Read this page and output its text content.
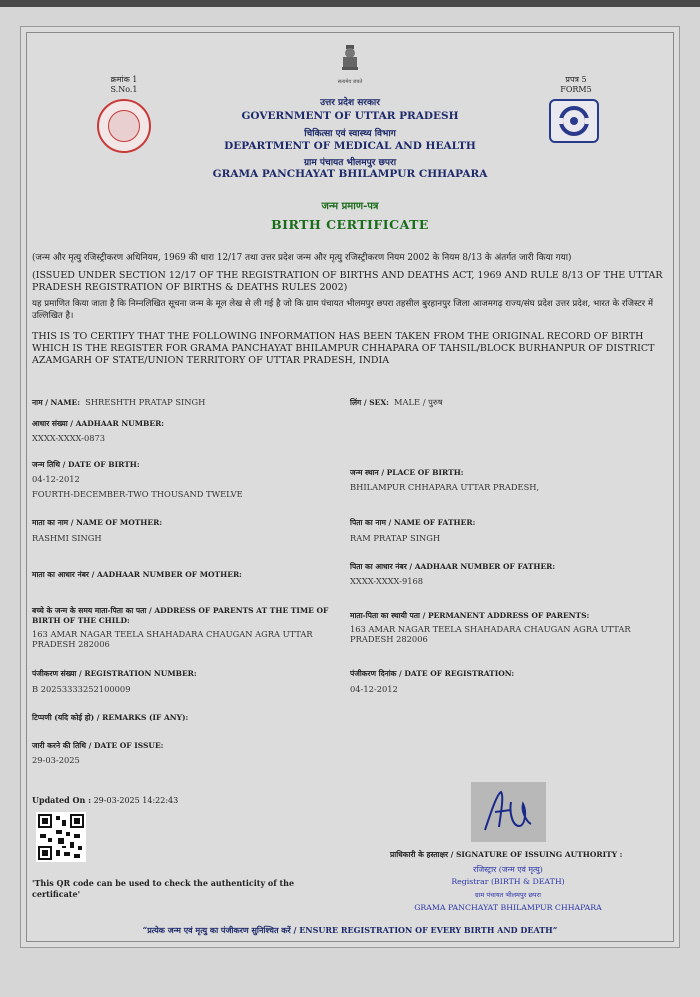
सत्यमेव जयते
क्रमांक 1
S.No.1
प्रपत्र 5
FORM5
उत्तर प्रदेश सरकार
GOVERNMENT OF UTTAR PRADESH
चिकित्सा एवं स्वास्थ्य विभाग
DEPARTMENT OF MEDICAL AND HEALTH
ग्राम पंचायत भीलमपुर छपरा
GRAMA PANCHAYAT BHILAMPUR CHHAPARA
जन्म प्रमाण-पत्र
BIRTH CERTIFICATE
(जन्म और मृत्यु रजिस्ट्रीकरण अधिनियम, 1969 की धारा 12/17 तथा उत्तर प्रदेश जन्म और मृत्यु रजिस्ट्रीकरण नियम 2002 के नियम 8/13 के अंतर्गत जारी किया गया)
(ISSUED UNDER SECTION 12/17 OF THE REGISTRATION OF BIRTHS AND DEATHS ACT, 1969 AND RULE 8/13 OF THE UTTAR PRADESH REGISTRATION OF BIRTHS & DEATHS RULES 2002)
यह प्रमाणित किया जाता है कि निम्नलिखित सूचना जन्म के मूल लेख से ली गई है जो कि ग्राम पंचायत भीलमपुर छपरा तहसील बुरहानपुर जिला आजमगढ़ राज्य/संघ प्रदेश उत्तर प्रदेश, भारत के रजिस्टर में उल्लिखित है।
THIS IS TO CERTIFY THAT THE FOLLOWING INFORMATION HAS BEEN TAKEN FROM THE ORIGINAL RECORD OF BIRTH WHICH IS THE REGISTER FOR GRAMA PANCHAYAT BHILAMPUR CHHAPARA OF TAHSIL/BLOCK BURHANPUR OF DISTRICT AZAMGARH OF STATE/UNION TERRITORY OF UTTAR PRADESH, INDIA
नाम / NAME: SHRESHTH PRATAP SINGH	लिंग / SEX: MALE / पुरुष
आधार संख्या / AADHAAR NUMBER:
XXXX-XXXX-0873
जन्म तिथि / DATE OF BIRTH:
04-12-2012
FOURTH-DECEMBER-TWO THOUSAND TWELVE
जन्म स्थान / PLACE OF BIRTH:
BHILAMPUR CHHAPARA UTTAR PRADESH,
माता का नाम / NAME OF MOTHER:
RASHMI SINGH
पिता का नाम / NAME OF FATHER:
RAM PRATAP SINGH
माता का आधार नंबर / AADHAAR NUMBER OF MOTHER:
पिता का आधार नंबर / AADHAAR NUMBER OF FATHER:
XXXX-XXXX-9168
बच्चे के जन्म के समय माता-पिता का पता / ADDRESS OF PARENTS AT THE TIME OF BIRTH OF THE CHILD:
163 AMAR NAGAR TEELA SHAHADARA CHAUGAN AGRA UTTAR PRADESH 282006
माता-पिता का स्थायी पता / PERMANENT ADDRESS OF PARENTS:
163 AMAR NAGAR TEELA SHAHADARA CHAUGAN AGRA UTTAR PRADESH 282006
पंजीकरण संख्या / REGISTRATION NUMBER:
B 20253333252100009
पंजीकरण दिनांक / DATE OF REGISTRATION:
04-12-2012
टिप्पणी (यदि कोई हो) / REMARKS (IF ANY):
जारी करने की तिथि / DATE OF ISSUE:
29-03-2025
Updated On : 29-03-2025 14:22:43
'This QR code can be used to check the authenticity of the certificate'
प्राधिकारी के हस्ताक्षर / SIGNATURE OF ISSUING AUTHORITY :
रजिस्ट्रार (जन्म एवं मृत्यु)
Registrar (BIRTH & DEATH)
ग्राम पंचायत भीलमपुर छपरा
GRAMA PANCHAYAT BHILAMPUR CHHAPARA
“प्रत्येक जन्म एवं मृत्यु का पंजीकरण सुनिश्चित करें / ENSURE REGISTRATION OF EVERY BIRTH AND DEATH”
